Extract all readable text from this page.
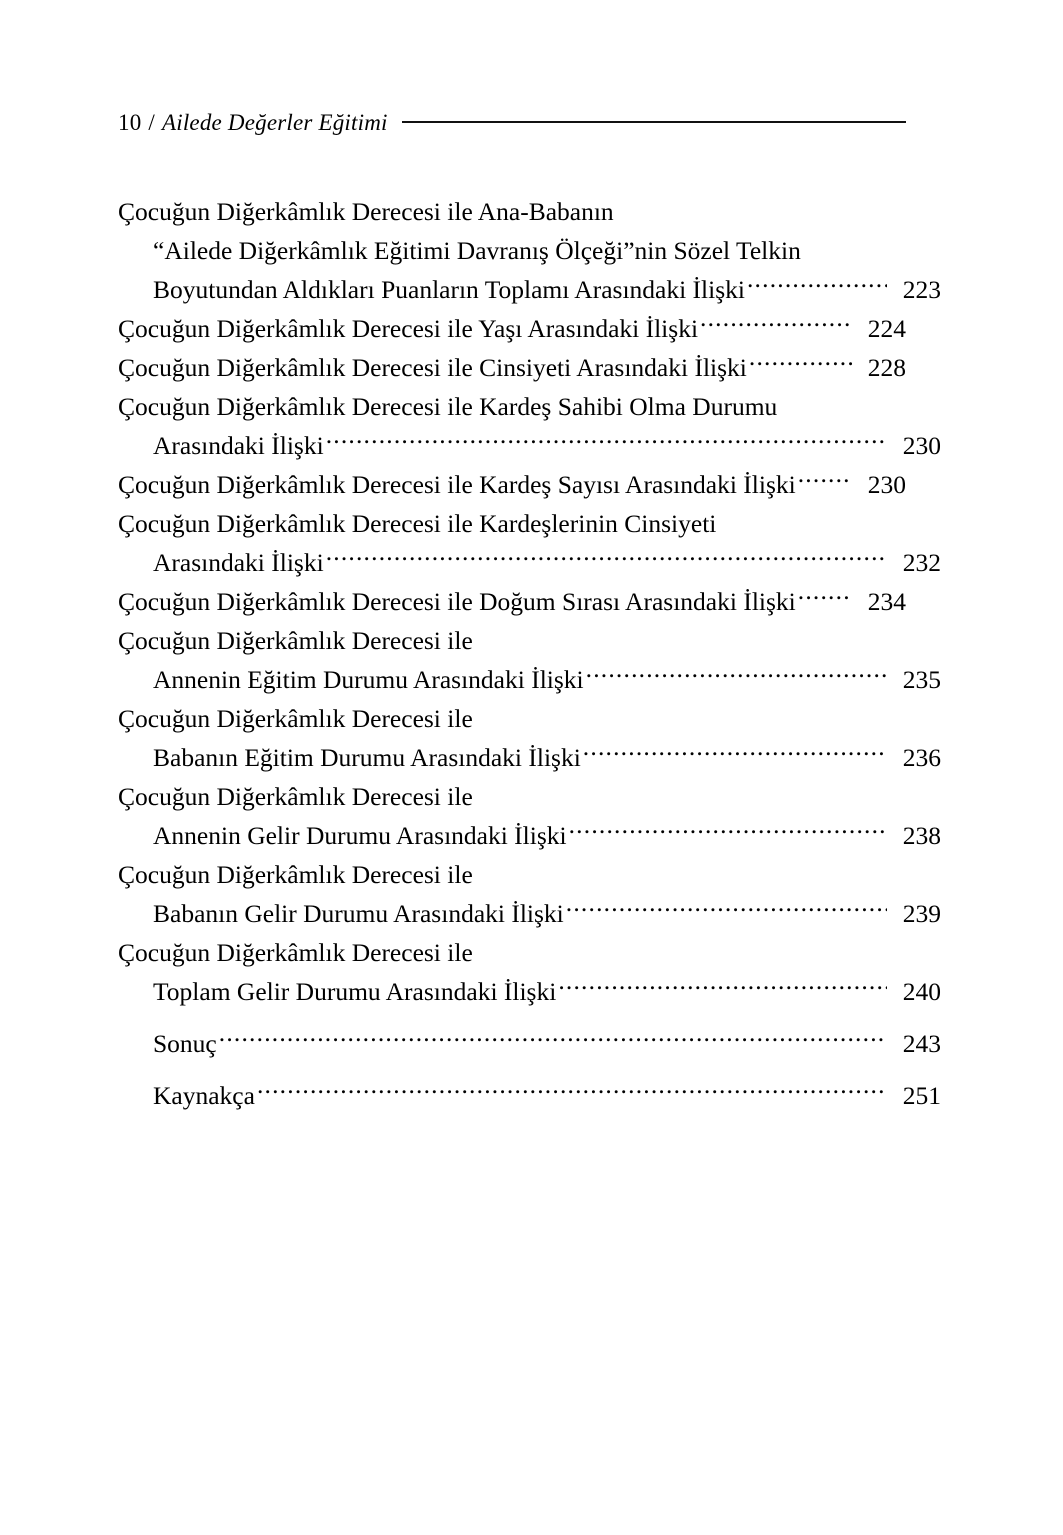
10 / Ailede Değerler Eğitimi
Çocuğun Diğerkâmlık Derecesi ile Ana-Babanın
“Ailede Diğerkâmlık Eğitimi Davranış Ölçeği”nin Sözel Telkin
Boyutundan Aldıkları Puanların Toplamı Arasındaki İlişki .....	223
Çocuğun Diğerkâmlık Derecesi ile Yaşı Arasındaki İlişki .....	224
Çocuğun Diğerkâmlık Derecesi ile Cinsiyeti Arasındaki İlişki .....	228
Çocuğun Diğerkâmlık Derecesi ile Kardeş Sahibi Olma Durumu
Arasındaki İlişki .....	230
Çocuğun Diğerkâmlık Derecesi ile Kardeş Sayısı Arasındaki İlişki .....	230
Çocuğun Diğerkâmlık Derecesi ile Kardeşlerinin Cinsiyeti
Arasındaki İlişki .....	232
Çocuğun Diğerkâmlık Derecesi ile Doğum Sırası Arasındaki İlişki .....	234
Çocuğun Diğerkâmlık Derecesi ile
Annenin Eğitim Durumu Arasındaki İlişki .....	235
Çocuğun Diğerkâmlık Derecesi ile
Babanın Eğitim Durumu Arasındaki İlişki .....	236
Çocuğun Diğerkâmlık Derecesi ile
Annenin Gelir Durumu Arasındaki İlişki .....	238
Çocuğun Diğerkâmlık Derecesi ile
Babanın Gelir Durumu Arasındaki İlişki .....	239
Çocuğun Diğerkâmlık Derecesi ile
Toplam Gelir Durumu Arasındaki İlişki .....	240
Sonuç .....	243
Kaynakça .....	251
